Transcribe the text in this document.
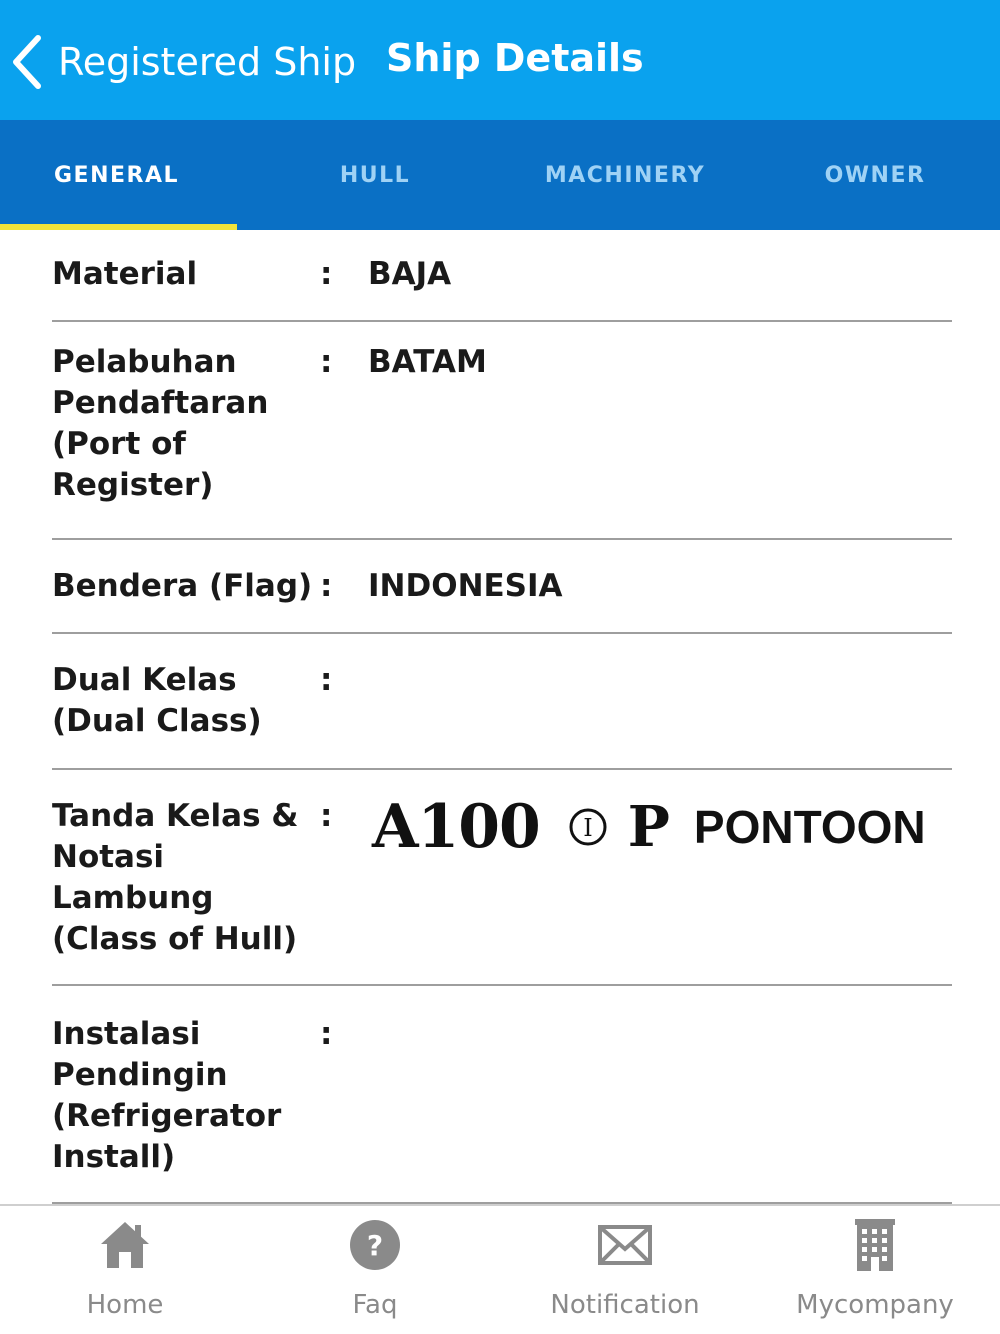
Registered Ship Ship Details
GENERAL	HULL	MACHINERY	OWNER
Material	: BAJA
Pelabuhan Pendaftaran (Port of Register)
: BATAM
Bendera (Flag) : INDONESIA
Dual Kelas (Dual Class)
:
Tanda Kelas & Notasi Lambung (Class of Hull)
: A100 I P PONTOON
Instalasi Pendingin (Refrigerator Install)
:
Home
?
Faq	Notification	Mycompany
